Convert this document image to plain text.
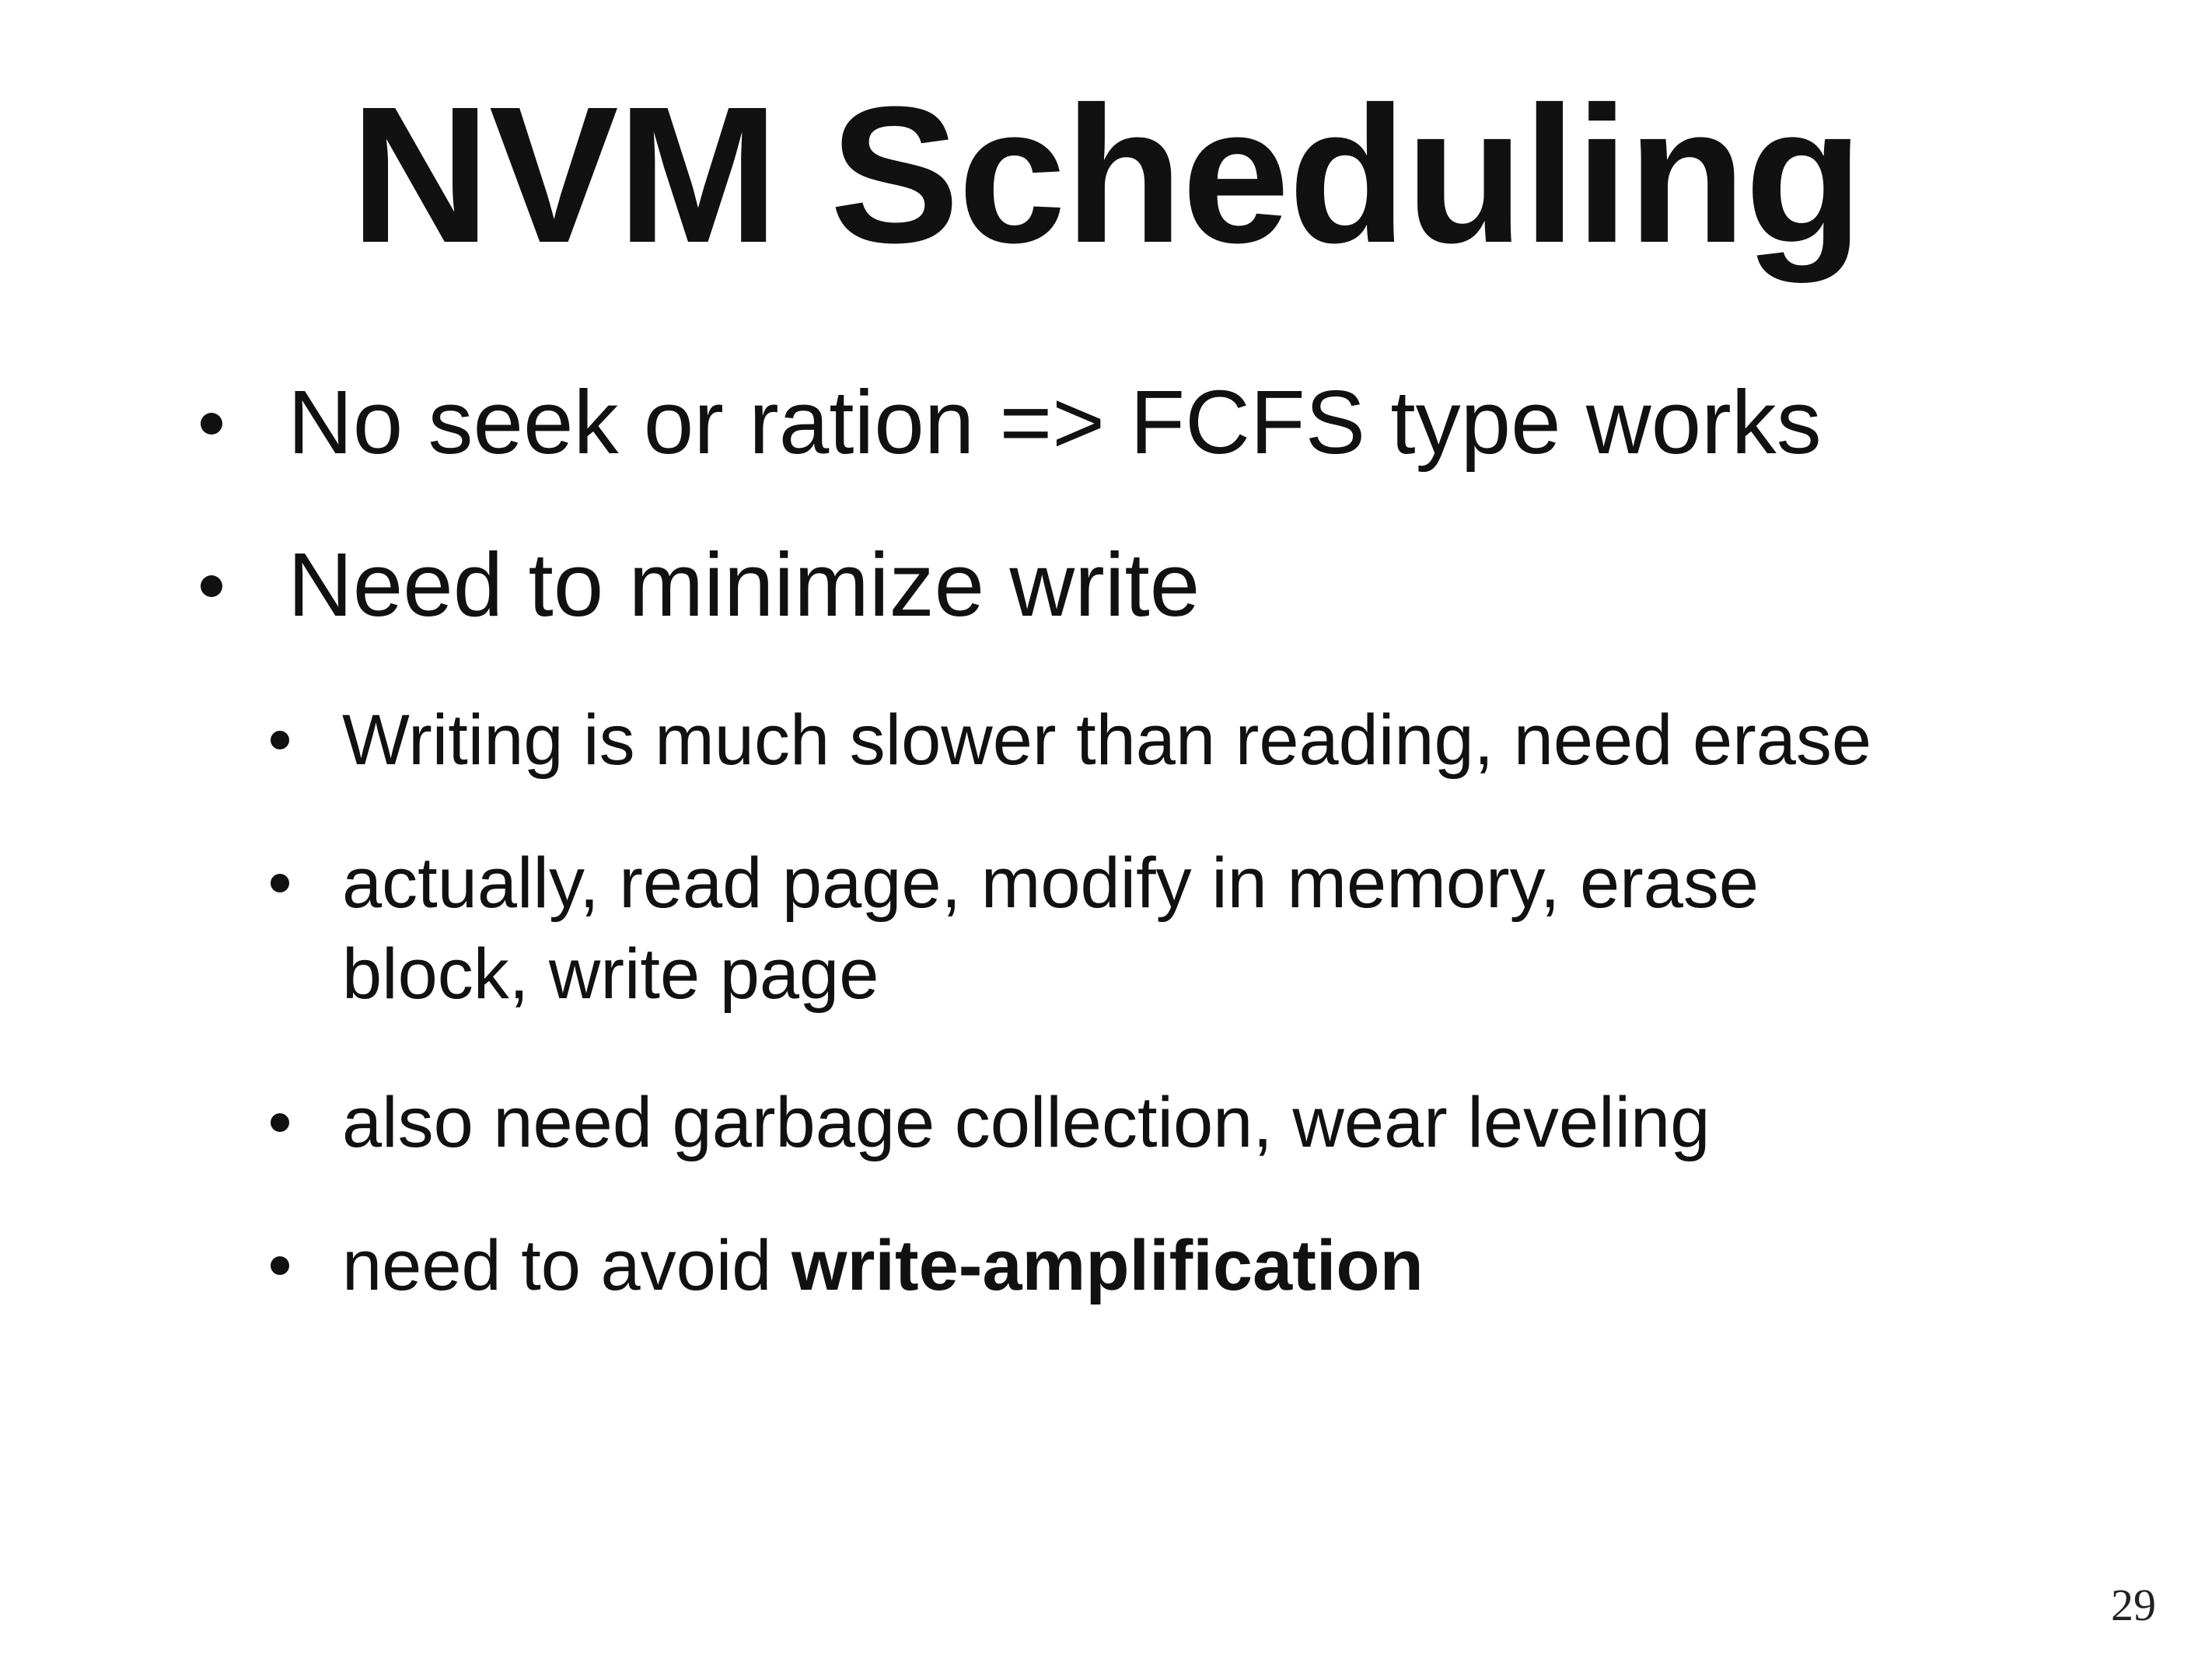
NVM Scheduling
No seek or ration => FCFS type works
Need to minimize write
Writing is much slower than reading, need erase
actually, read page, modify in memory, erase
block, write page
also need garbage collection, wear leveling
need to avoid write-amplification
29
